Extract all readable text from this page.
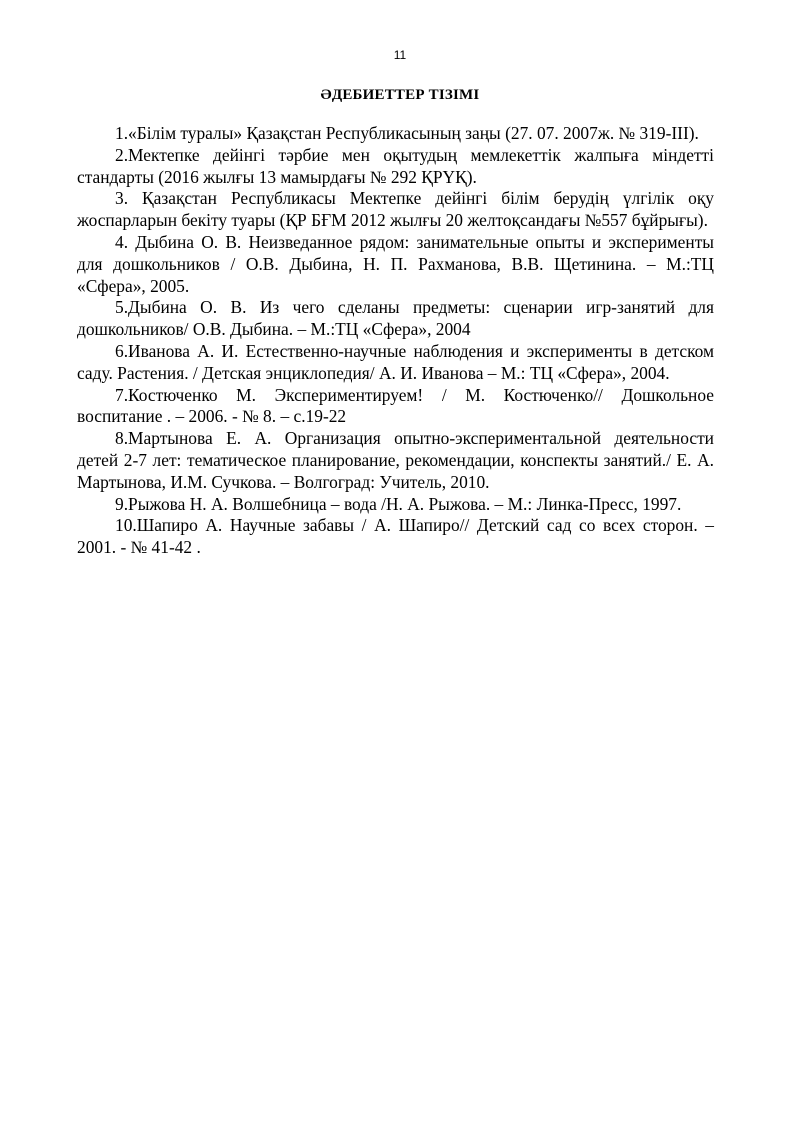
11
ӘДЕБИЕТТЕР ТІЗІМІ

1.«Білім туралы» Қазақстан Республикасының заңы (27. 07. 2007ж. № 319-III).

2.Мектепке дейінгі тәрбие мен оқытудың мемлекеттік жалпыға міндетті стандарты (2016 жылғы 13 мамырдағы № 292 ҚРҮҚ).

3. Қазақстан Республикасы Мектепке дейінгі білім берудің үлгілік оқу жоспарларын бекіту туары (ҚР БҒМ 2012 жылғы 20 желтоқсандағы №557 бұйрығы).

4. Дыбина О. В. Неизведанное рядом: занимательные опыты и эксперименты для дошкольников / О.В. Дыбина, Н. П. Рахманова, В.В. Щетинина. – М.:ТЦ «Сфера», 2005.

5.Дыбина О. В. Из чего сделаны предметы: сценарии игр-занятий для дошкольников/ О.В. Дыбина. – М.:ТЦ «Сфера», 2004

6.Иванова А. И. Естественно-научные наблюдения и эксперименты в детском саду. Растения. / Детская энциклопедия/ А. И. Иванова – М.: ТЦ «Сфера», 2004.

7.Костюченко М. Экспериментируем! / М. Костюченко// Дошкольное воспитание . – 2006. - № 8. – с.19-22

8.Мартынова Е. А. Организация опытно-экспериментальной деятельности детей 2-7 лет: тематическое планирование, рекомендации, конспекты занятий./ Е. А. Мартынова, И.М. Сучкова. – Волгоград: Учитель, 2010.

9.Рыжова Н. А. Волшебница – вода /Н. А. Рыжова. – М.: Линка-Пресс, 1997.

10.Шапиро А. Научные забавы / А. Шапиро// Детский сад со всех сторон. – 2001. - № 41-42 .
